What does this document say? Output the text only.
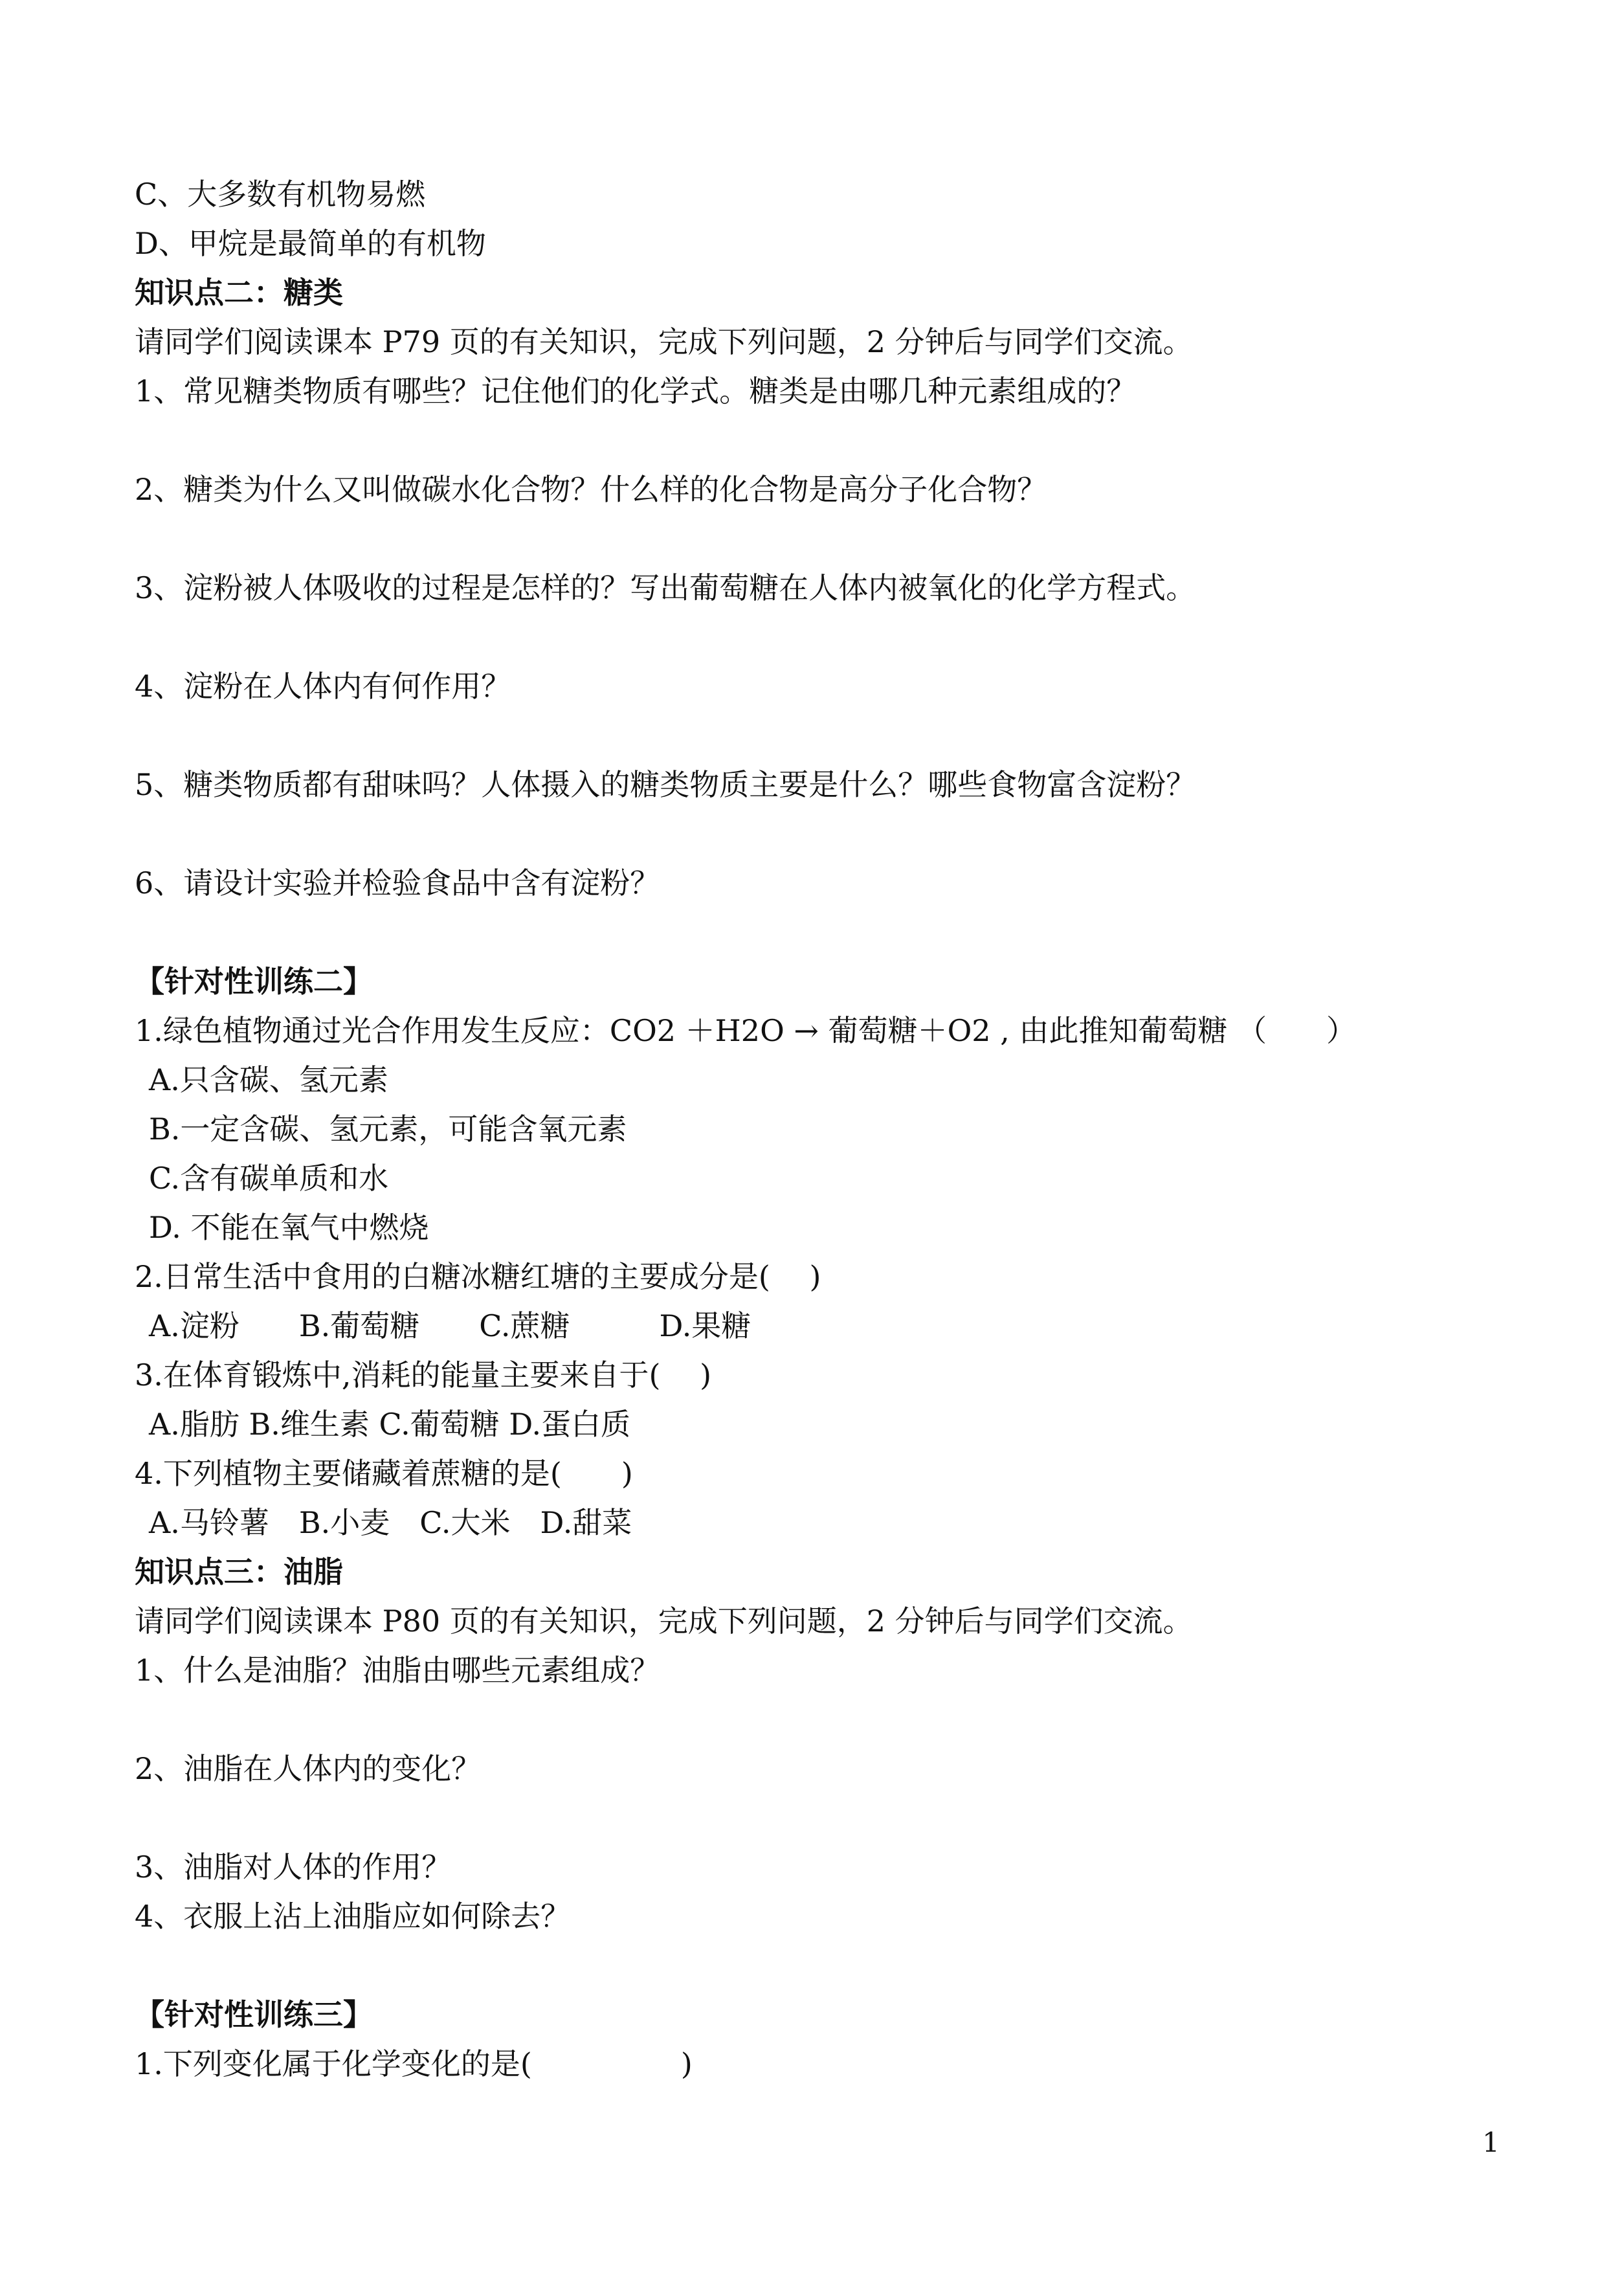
C、大多数有机物易燃
D、甲烷是最简单的有机物
知识点二：糖类
请同学们阅读课本 P79 页的有关知识，完成下列问题，2 分钟后与同学们交流。
1、常见糖类物质有哪些？记住他们的化学式。糖类是由哪几种元素组成的？
2、糖类为什么又叫做碳水化合物？什么样的化合物是高分子化合物？
3、淀粉被人体吸收的过程是怎样的？写出葡萄糖在人体内被氧化的化学方程式。
4、淀粉在人体内有何作用？
5、糖类物质都有甜味吗？人体摄入的糖类物质主要是什么？哪些食物富含淀粉？
6、请设计实验并检验食品中含有淀粉？
【针对性训练二】
1.绿色植物通过光合作用发生反应：CO2 ＋H2O → 葡萄糖＋O2 , 由此推知葡萄糖 （　　）
A.只含碳、氢元素
B.一定含碳、氢元素，可能含氧元素
C.含有碳单质和水
D. 不能在氧气中燃烧
2.日常生活中食用的白糖冰糖红塘的主要成分是(　 )
A.淀粉　　B.葡萄糖　　C.蔗糖　　　D.果糖
3.在体育锻炼中,消耗的能量主要来自于(　 )
A.脂肪 B.维生素 C.葡萄糖 D.蛋白质
4.下列植物主要储藏着蔗糖的是(　　)
A.马铃薯　B.小麦　C.大米　D.甜菜
知识点三：油脂
请同学们阅读课本 P80 页的有关知识，完成下列问题，2 分钟后与同学们交流。
1、什么是油脂？油脂由哪些元素组成？
2、油脂在人体内的变化？
3、油脂对人体的作用？
4、衣服上沾上油脂应如何除去？
【针对性训练三】
1.下列变化属于化学变化的是(　　　　　)
1
